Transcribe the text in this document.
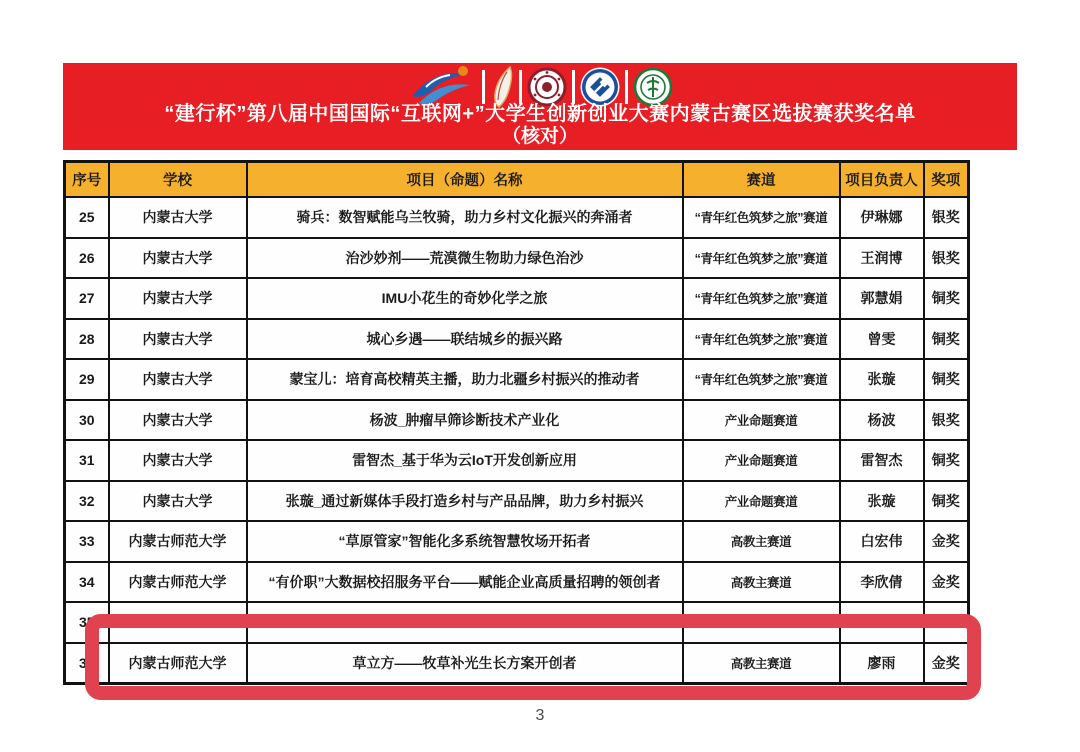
“建行杯”第八届中国国际“互联网+”大学生创新创业大赛内蒙古赛区选拔赛获奖名单
（核对）
序号	学校	项目（命题）名称	赛道	项目负责人	奖项
25	内蒙古大学	骑兵：数智赋能乌兰牧骑，助力乡村文化振兴的奔涌者	“青年红色筑梦之旅”赛道	伊琳娜	银奖
26	内蒙古大学	治沙妙剂——荒漠微生物助力绿色治沙	“青年红色筑梦之旅”赛道	王润博	银奖
27	内蒙古大学	IMU小花生的奇妙化学之旅	“青年红色筑梦之旅”赛道	郭慧娟	铜奖
28	内蒙古大学	城心乡遇——联结城乡的振兴路	“青年红色筑梦之旅”赛道	曾雯	铜奖
29	内蒙古大学	蒙宝儿：培育高校精英主播，助力北疆乡村振兴的推动者	“青年红色筑梦之旅”赛道	张璇	铜奖
30	内蒙古大学	杨波_肿瘤早筛诊断技术产业化	产业命题赛道	杨波	银奖
31	内蒙古大学	雷智杰_基于华为云IoT开发创新应用	产业命题赛道	雷智杰	铜奖
32	内蒙古大学	张璇_通过新媒体手段打造乡村与产品品牌，助力乡村振兴	产业命题赛道	张璇	铜奖
33	内蒙古师范大学	“草原管家”智能化多系统智慧牧场开拓者	高教主赛道	白宏伟	金奖
34	内蒙古师范大学	“有价职”大数据校招服务平台——赋能企业高质量招聘的领创者	高教主赛道	李欣倩	金奖
35					
36	内蒙古师范大学	草立方——牧草补光生长方案开创者	高教主赛道	廖雨	金奖
3
